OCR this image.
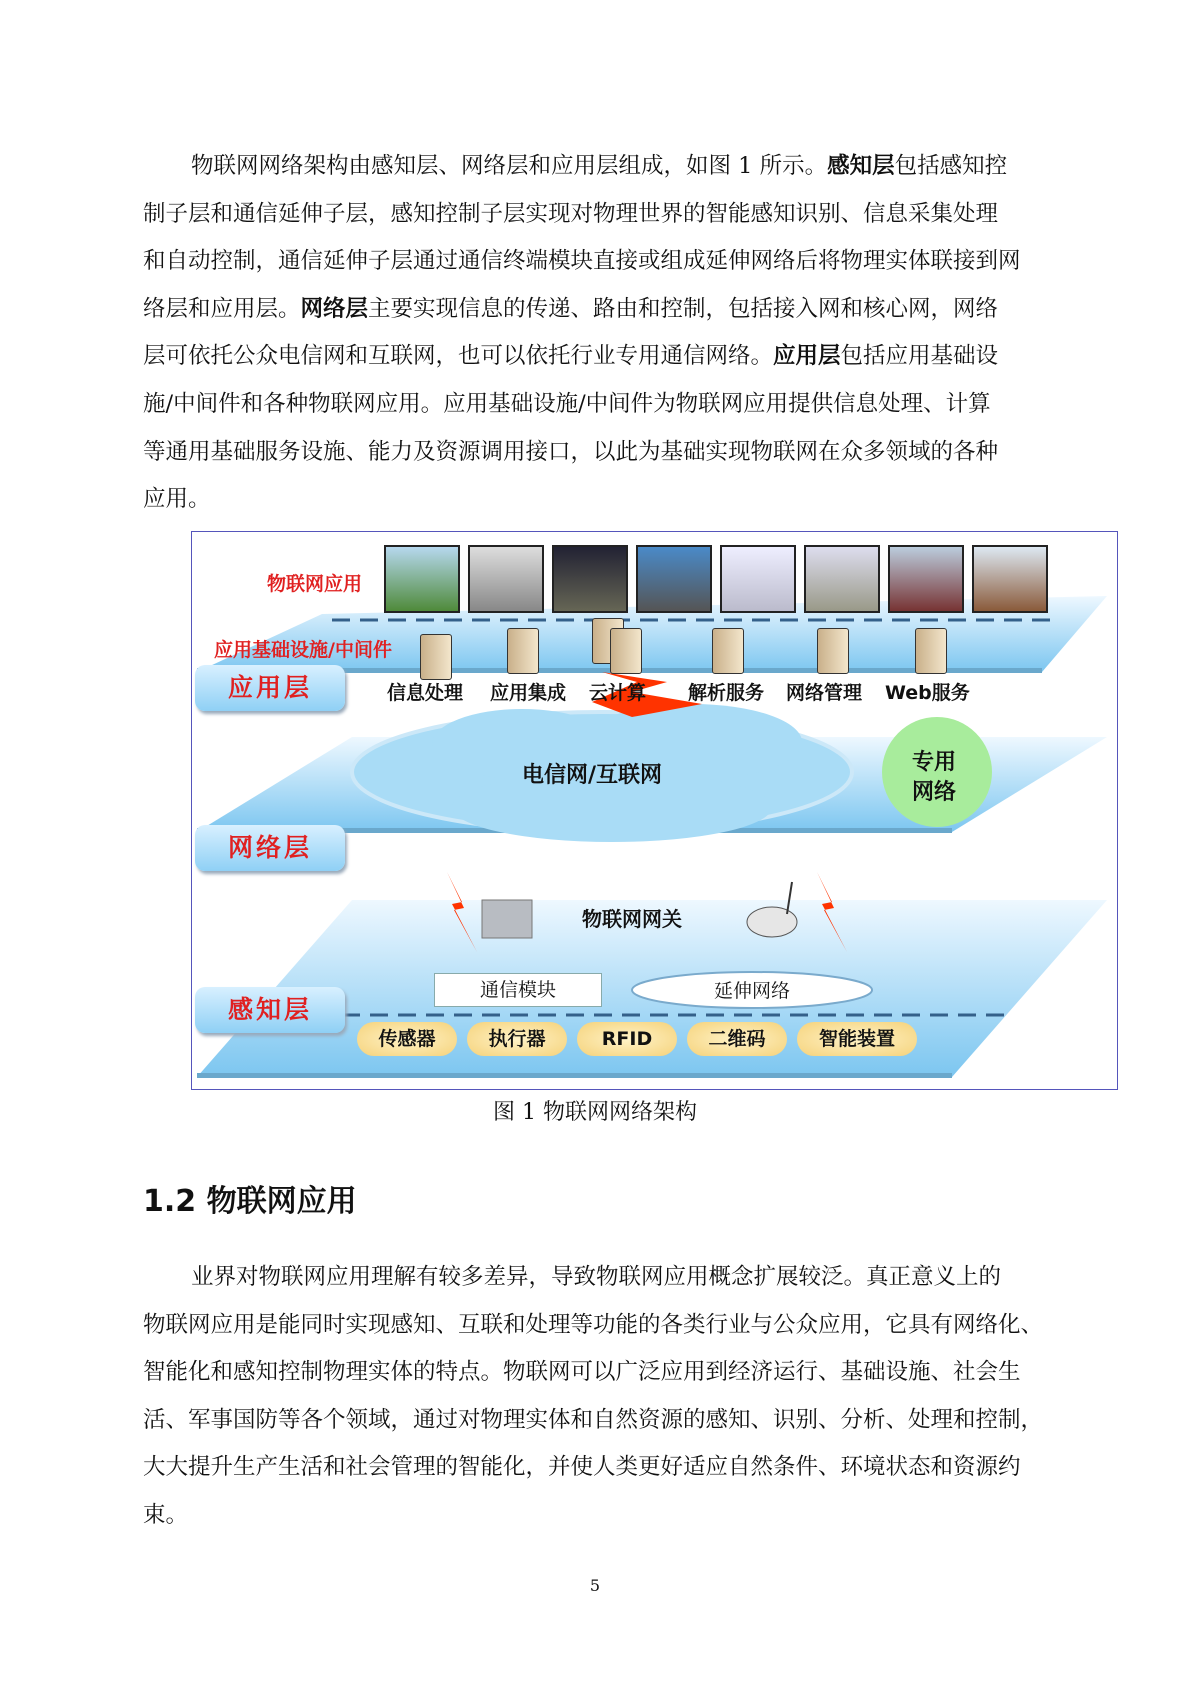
物联网网络架构由感知层、网络层和应用层组成，如图 1 所示。感知层包括感知控
制子层和通信延伸子层，感知控制子层实现对物理世界的智能感知识别、信息采集处理
和自动控制，通信延伸子层通过通信终端模块直接或组成延伸网络后将物理实体联接到网
络层和应用层。网络层主要实现信息的传递、路由和控制，包括接入网和核心网，网络
层可依托公众电信网和互联网，也可以依托行业专用通信网络。应用层包括应用基础设
施/中间件和各种物联网应用。应用基础设施/中间件为物联网应用提供信息处理、计算
等通用基础服务设施、能力及资源调用接口，以此为基础实现物联网在众多领域的各种
应用。
物联网应用
应用基础设施/中间件
信息处理 应用集成 云计算 解析服务 网络管理 Web服务
应用层
网络层
感知层
电信网/互联网
专用
网络
物联网网关
通信模块	延伸网络
传感器	执行器	RFID	二维码	智能装置
图 1 物联网网络架构
1.2 物联网应用
业界对物联网应用理解有较多差异，导致物联网应用概念扩展较泛。真正意义上的
物联网应用是能同时实现感知、互联和处理等功能的各类行业与公众应用，它具有网络化、
智能化和感知控制物理实体的特点。物联网可以广泛应用到经济运行、基础设施、社会生
活、军事国防等各个领域，通过对物理实体和自然资源的感知、识别、分析、处理和控制，
大大提升生产生活和社会管理的智能化，并使人类更好适应自然条件、环境状态和资源约
束。
5
